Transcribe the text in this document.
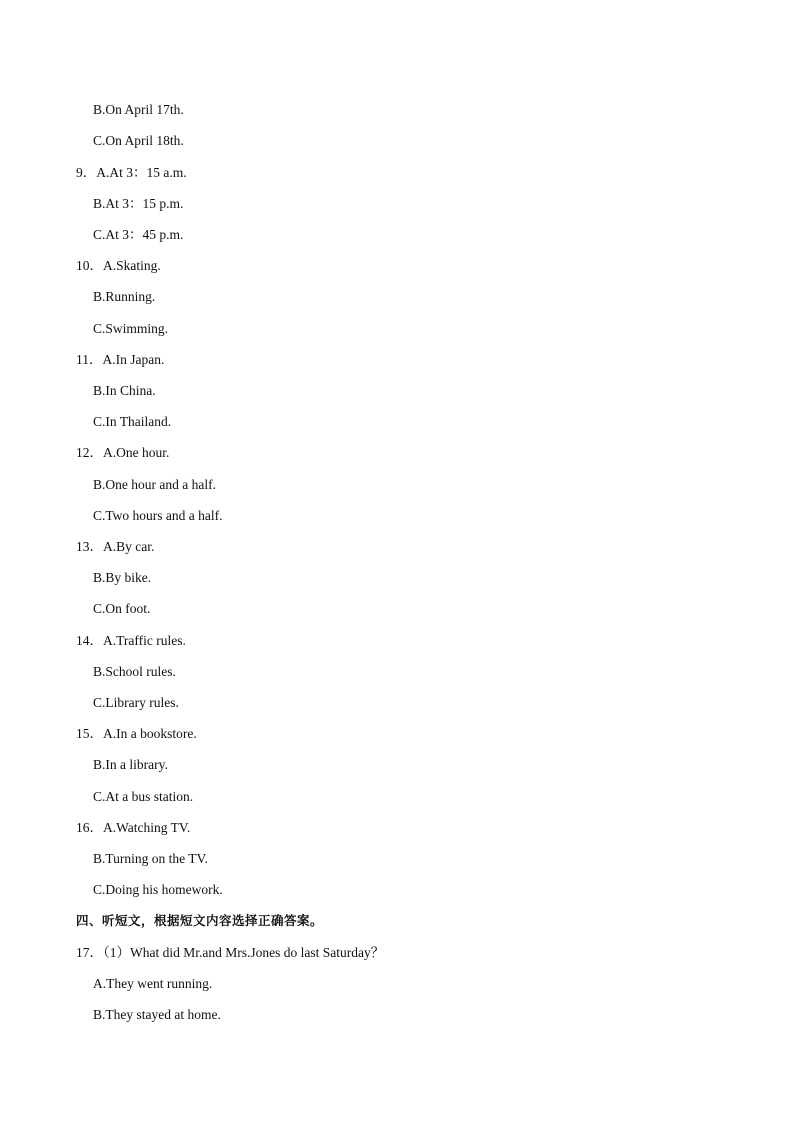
B.On April 17th.
C.On April 18th.
9．A.At 3：15 a.m.
B.At 3：15 p.m.
C.At 3：45 p.m.
10．A.Skating.
B.Running.
C.Swimming.
11．A.In Japan.
B.In China.
C.In Thailand.
12．A.One hour.
B.One hour and a half.
C.Two hours and a half.
13．A.By car.
B.By bike.
C.On foot.
14．A.Traffic rules.
B.School rules.
C.Library rules.
15．A.In a bookstore.
B.In a library.
C.At a bus station.
16．A.Watching TV.
B.Turning on the TV.
C.Doing his homework.
四、听短文，根据短文内容选择正确答案。
17．（1）What did Mr.and Mrs.Jones do last Saturday？
A.They went running.
B.They stayed at home.
